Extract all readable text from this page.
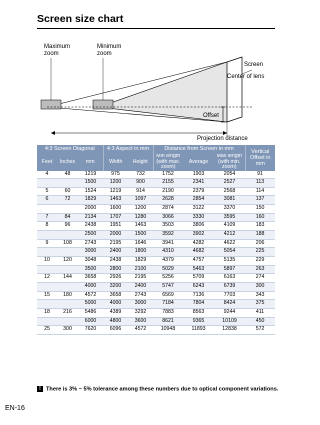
Screen size chart
Maximum
zoom
Minimum
zoom
Screen
Center of lens
Offset
Projection distance
4:3 Screen Diagonal			4:3 Aspect in mm		Distance from Screen in mm			Vertical Offset in mm
Feet	Inches	mm	Width	Height	Min length (with max. zoom)	Average	Max length (with min. zoom)	
4	48	1219	975	732	1752	1903	2054	91
		1500	1200	900	2155	2341	2527	113
5	60	1524	1219	914	2190	2379	2568	114
6	72	1829	1463	1097	2628	2854	3081	137
		2000	1600	1200	2874	3122	3370	150
7	84	2134	1707	1280	3066	3330	3595	160
8	96	2438	1951	1463	3503	3806	4109	183
		2500	2000	1500	3592	3902	4212	188
9	108	2743	2195	1646	3941	4282	4622	206
		3000	2400	1800	4310	4682	5054	225
10	120	3048	2438	1829	4379	4757	5135	229
		3500	2800	2100	5029	5463	5897	263
12	144	3658	2926	2195	5256	5709	6163	274
		4000	3200	2400	5747	6243	6739	300
15	180	4572	3658	2743	6569	7136	7703	343
		5000	4000	3000	7184	7804	8424	375
18	216	5486	4389	3292	7883	8563	9244	411
		6000	4800	3600	8621	9365	10109	450
25	300	7620	6096	4572	10948	11893	12838	572
! There is 3% ~ 5% tolerance among these numbers due to optical component variations.
EN-16
